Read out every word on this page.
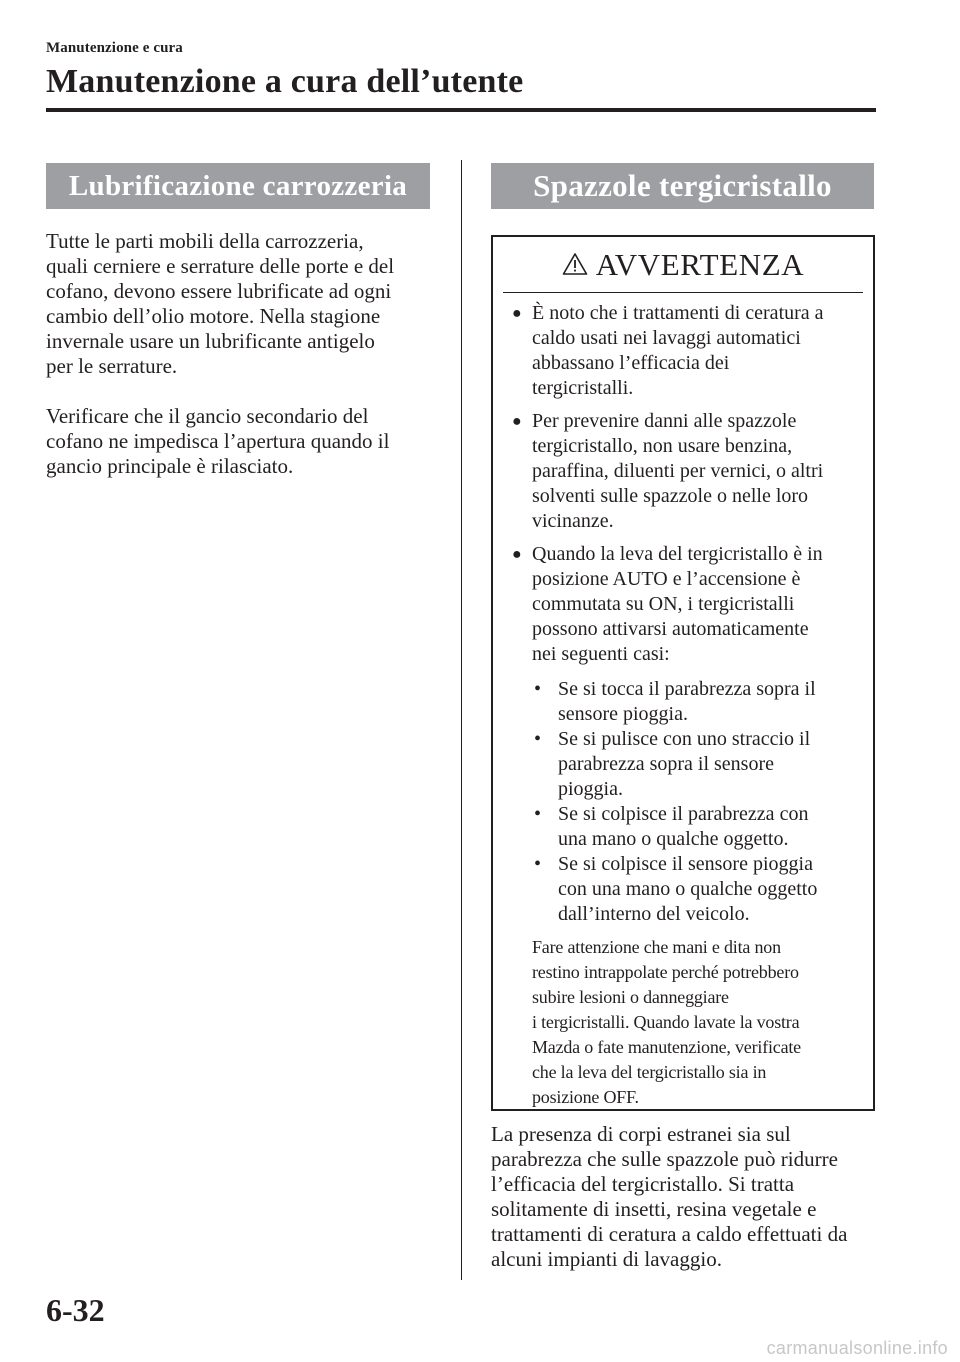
Manutenzione e cura
Manutenzione a cura dell’utente
Lubrificazione carrozzeria

Tutte le parti mobili della carrozzeria,
quali cerniere e serrature delle porte e del
cofano, devono essere lubrificate ad ogni
cambio dell’olio motore. Nella stagione
invernale usare un lubrificante antigelo
per le serrature.

Verificare che il gancio secondario del
cofano ne impedisca l’apertura quando il
gancio principale è rilasciato.

Spazzole tergicristallo
AVVERTENZA
● È noto che i trattamenti di ceratura a
caldo usati nei lavaggi automatici
abbassano l’efficacia dei
tergicristalli.
● Per prevenire danni alle spazzole
tergicristallo, non usare benzina,
paraffina, diluenti per vernici, o altri
solventi sulle spazzole o nelle loro
vicinanze.
● Quando la leva del tergicristallo è in
posizione AUTO e l’accensione è
commutata su ON, i tergicristalli
possono attivarsi automaticamente
nei seguenti casi:
• Se si tocca il parabrezza sopra il
sensore pioggia.
• Se si pulisce con uno straccio il
parabrezza sopra il sensore
pioggia.
• Se si colpisce il parabrezza con
una mano o qualche oggetto.
• Se si colpisce il sensore pioggia
con una mano o qualche oggetto
dall’interno del veicolo.
Fare attenzione che mani e dita non
restino intrappolate perché potrebbero
subire lesioni o danneggiare
i tergicristalli. Quando lavate la vostra
Mazda o fate manutenzione, verificate
che la leva del tergicristallo sia in
posizione OFF.

La presenza di corpi estranei sia sul
parabrezza che sulle spazzole può ridurre
l’efficacia del tergicristallo. Si tratta
solitamente di insetti, resina vegetale e
trattamenti di ceratura a caldo effettuati da
alcuni impianti di lavaggio.

6-32
carmanualsonline.info
